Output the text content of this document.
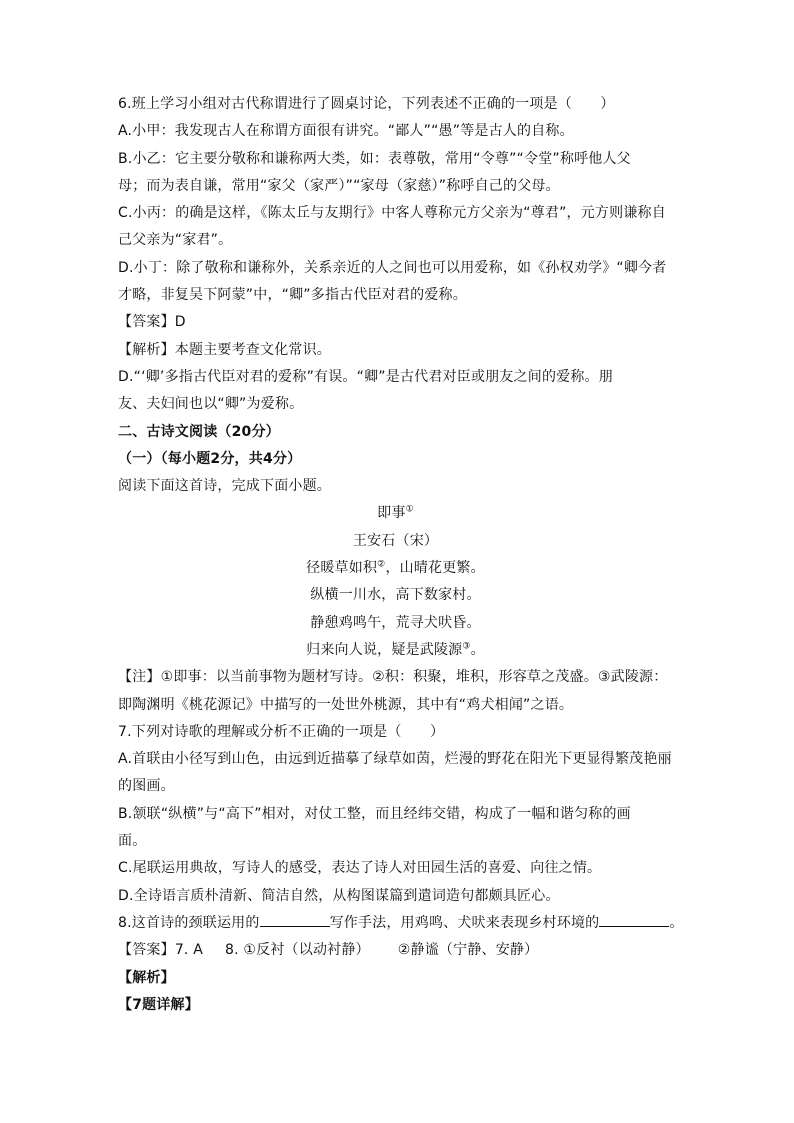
6.班上学习小组对古代称谓进行了圆桌讨论，下列表述不正确的一项是（　　）
A.小甲：我发现古人在称谓方面很有讲究。“鄙人”“愚”等是古人的自称。
B.小乙：它主要分敬称和谦称两大类，如：表尊敬，常用“令尊”“令堂”称呼他人父
母；而为表自谦，常用“家父（家严）”“家母（家慈）”称呼自己的父母。
C.小丙：的确是这样，《陈太丘与友期行》中客人尊称元方父亲为“尊君”，元方则谦称自
己父亲为“家君”。
D.小丁：除了敬称和谦称外，关系亲近的人之间也可以用爱称，如《孙权劝学》“卿今者
才略，非复吴下阿蒙”中，“卿”多指古代臣对君的爱称。
【答案】D
【解析】本题主要考查文化常识。
D.“‘卿’多指古代臣对君的爱称”有误。“卿”是古代君对臣或朋友之间的爱称。朋
友、夫妇间也以“卿”为爱称。
二、古诗文阅读（20分）
（一）（每小题2分，共4分）
阅读下面这首诗，完成下面小题。
即事①
王安石（宋）
径暖草如积②，山晴花更繁。
纵横一川水，高下数家村。
静憩鸡鸣午，荒寻犬吠昏。
归来向人说，疑是武陵源③。
【注】①即事：以当前事物为题材写诗。②积：积聚，堆积，形容草之茂盛。③武陵源：
即陶渊明《桃花源记》中描写的一处世外桃源，其中有“鸡犬相闻”之语。
7.下列对诗歌的理解或分析不正确的一项是（　　）
A.首联由小径写到山色，由远到近描摹了绿草如茵，烂漫的野花在阳光下更显得繁茂艳丽
的图画。
B.颔联“纵横”与“高下”相对，对仗工整，而且经纬交错，构成了一幅和谐匀称的画
面。
C.尾联运用典故，写诗人的感受，表达了诗人对田园生活的喜爱、向往之情。
D.全诗语言质朴清新、简洁自然，从构图谋篇到遣词造句都颇具匠心。
8.这首诗的颈联运用的	写作手法，用鸡鸣、犬吠来表现乡村环境的	。
【答案】7. A 8. ①反衬（以动衬静） ②静谧（宁静、安静）
【解析】
【7题详解】
